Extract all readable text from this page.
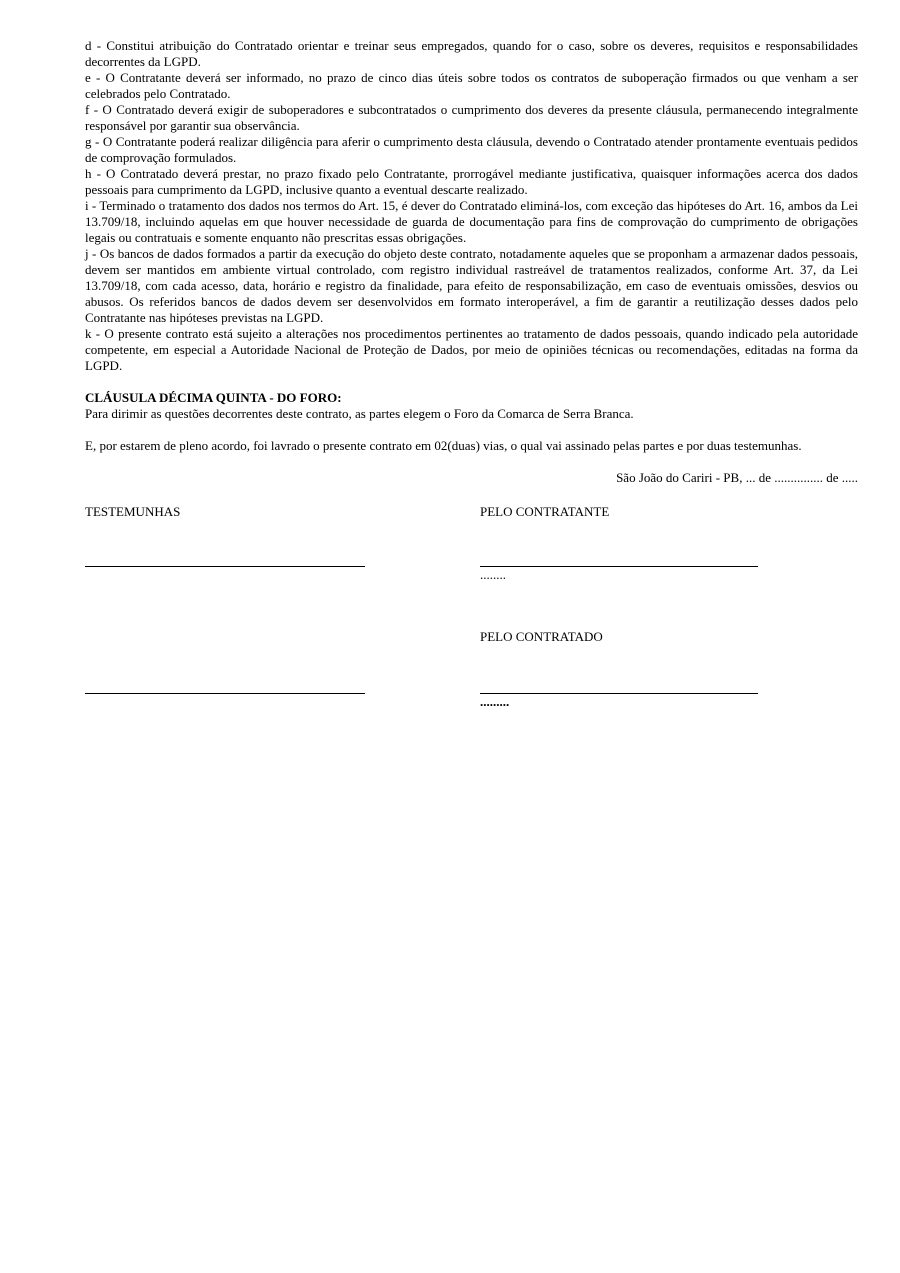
d - Constitui atribuição do Contratado orientar e treinar seus empregados, quando for o caso, sobre os deveres, requisitos e responsabilidades decorrentes da LGPD.

e - O Contratante deverá ser informado, no prazo de cinco dias úteis sobre todos os contratos de suboperação firmados ou que venham a ser celebrados pelo Contratado.

f - O Contratado deverá exigir de suboperadores e subcontratados o cumprimento dos deveres da presente cláusula, permanecendo integralmente responsável por garantir sua observância.

g - O Contratante poderá realizar diligência para aferir o cumprimento desta cláusula, devendo o Contratado atender prontamente eventuais pedidos de comprovação formulados.

h - O Contratado deverá prestar, no prazo fixado pelo Contratante, prorrogável mediante justificativa, quaisquer informações acerca dos dados pessoais para cumprimento da LGPD, inclusive quanto a eventual descarte realizado.

i - Terminado o tratamento dos dados nos termos do Art. 15, é dever do Contratado eliminá-los, com exceção das hipóteses do Art. 16, ambos da Lei 13.709/18, incluindo aquelas em que houver necessidade de guarda de documentação para fins de comprovação do cumprimento de obrigações legais ou contratuais e somente enquanto não prescritas essas obrigações.

j - Os bancos de dados formados a partir da execução do objeto deste contrato, notadamente aqueles que se proponham a armazenar dados pessoais, devem ser mantidos em ambiente virtual controlado, com registro individual rastreável de tratamentos realizados, conforme Art. 37, da Lei 13.709/18, com cada acesso, data, horário e registro da finalidade, para efeito de responsabilização, em caso de eventuais omissões, desvios ou abusos. Os referidos bancos de dados devem ser desenvolvidos em formato interoperável, a fim de garantir a reutilização desses dados pelo Contratante nas hipóteses previstas na LGPD.

k - O presente contrato está sujeito a alterações nos procedimentos pertinentes ao tratamento de dados pessoais, quando indicado pela autoridade competente, em especial a Autoridade Nacional de Proteção de Dados, por meio de opiniões técnicas ou recomendações, editadas na forma da LGPD.

CLÁUSULA DÉCIMA QUINTA - DO FORO:

Para dirimir as questões decorrentes deste contrato, as partes elegem o Foro da Comarca de Serra Branca.

E, por estarem de pleno acordo, foi lavrado o presente contrato em 02(duas) vias, o qual vai assinado pelas partes e por duas testemunhas.

São João do Cariri - PB, ... de ............... de .....

TESTEMUNHAS	PELO CONTRATANTE
........
PELO CONTRATADO
.........
